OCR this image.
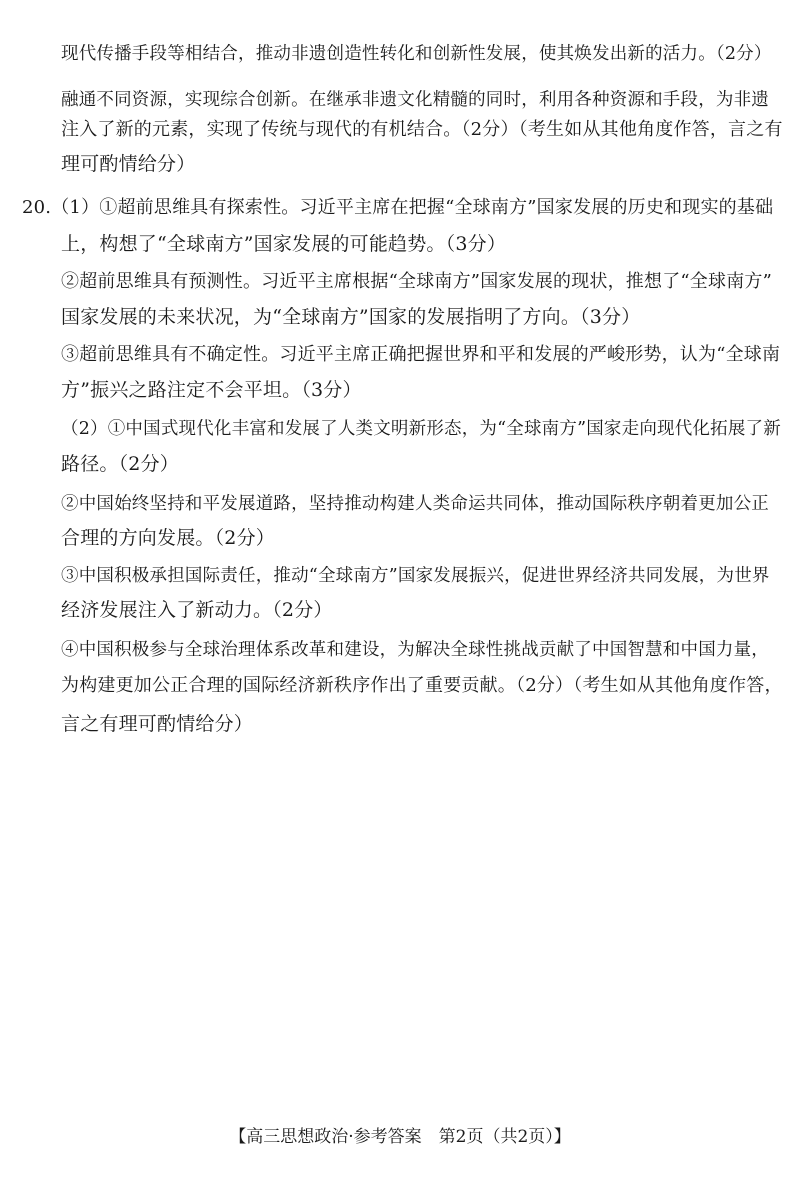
现代传播手段等相结合，推动非遗创造性转化和创新性发展，使其焕发出新的活力。（2分）
融通不同资源，实现综合创新。在继承非遗文化精髓的同时，利用各种资源和手段，为非遗
注入了新的元素，实现了传统与现代的有机结合。（2分）（考生如从其他角度作答，言之有
理可酌情给分）
20.（1）①超前思维具有探索性。习近平主席在把握“全球南方”国家发展的历史和现实的基础
上，构想了“全球南方”国家发展的可能趋势。（3分）
②超前思维具有预测性。习近平主席根据“全球南方”国家发展的现状，推想了“全球南方”
国家发展的未来状况，为“全球南方”国家的发展指明了方向。（3分）
③超前思维具有不确定性。习近平主席正确把握世界和平和发展的严峻形势，认为“全球南
方”振兴之路注定不会平坦。（3分）
（2）①中国式现代化丰富和发展了人类文明新形态，为“全球南方”国家走向现代化拓展了新
路径。（2分）
②中国始终坚持和平发展道路，坚持推动构建人类命运共同体，推动国际秩序朝着更加公正
合理的方向发展。（2分）
③中国积极承担国际责任，推动“全球南方”国家发展振兴，促进世界经济共同发展，为世界
经济发展注入了新动力。（2分）
④中国积极参与全球治理体系改革和建设，为解决全球性挑战贡献了中国智慧和中国力量，
为构建更加公正合理的国际经济新秩序作出了重要贡献。（2分）（考生如从其他角度作答，
言之有理可酌情给分）
【高三思想政治·参考答案　第2页（共2页）】
